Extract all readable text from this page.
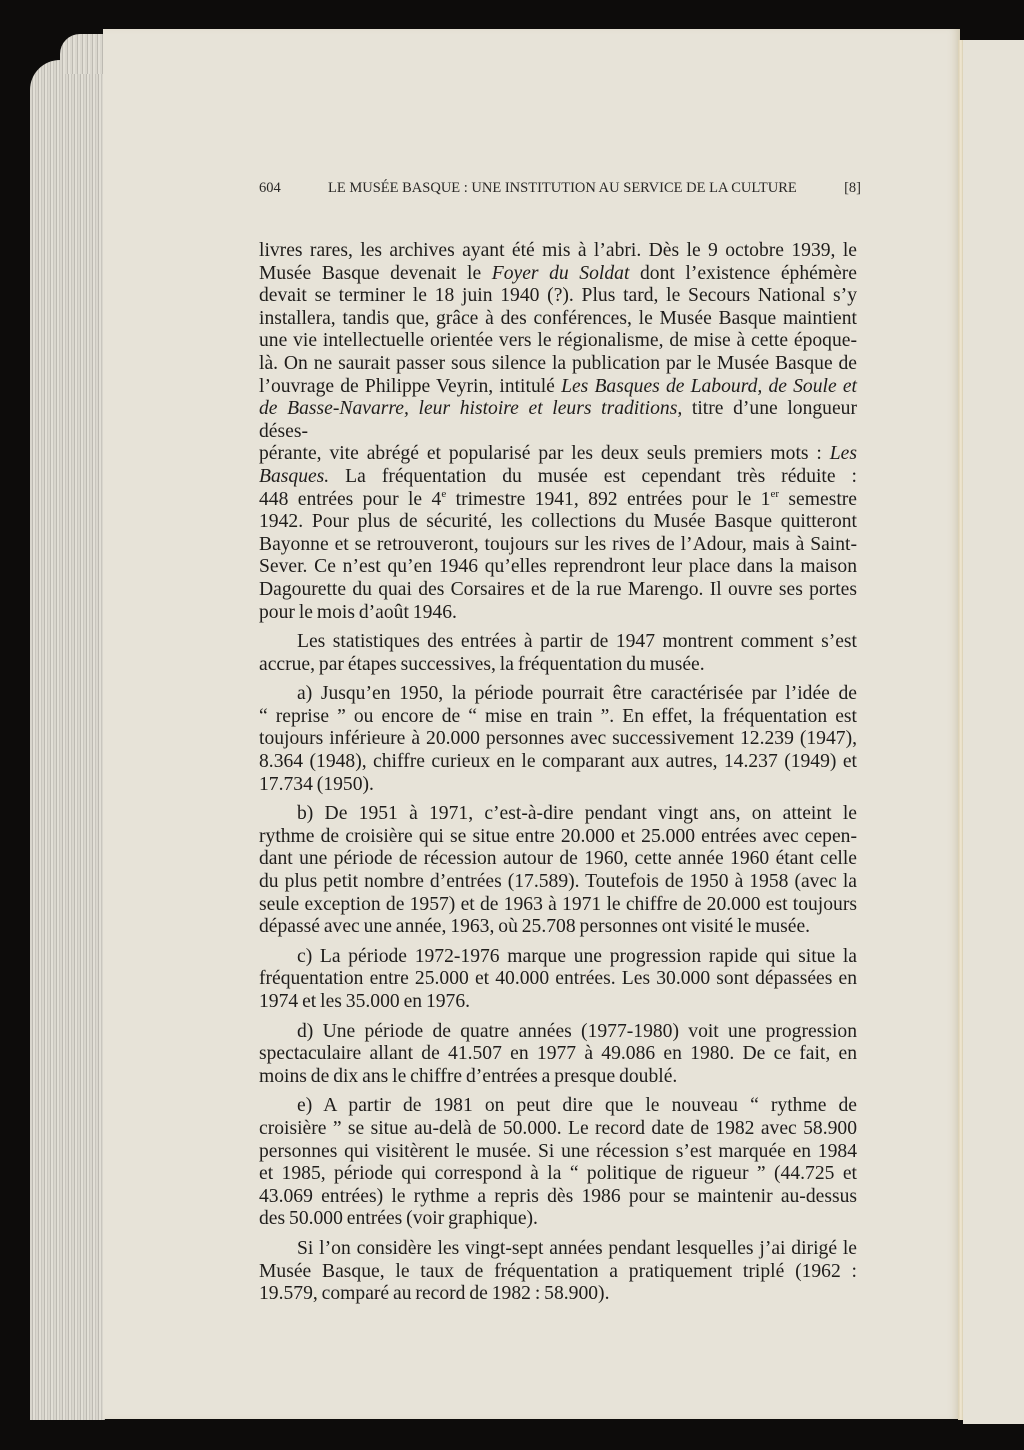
604	LE MUSÉE BASQUE : UNE INSTITUTION AU SERVICE DE LA CULTURE	[8]
livres rares, les archives ayant été mis à l’abri. Dès le 9 octobre 1939, le
Musée Basque devenait le Foyer du Soldat dont l’existence éphémère
devait se terminer le 18 juin 1940 (?). Plus tard, le Secours National s’y
installera, tandis que, grâce à des conférences, le Musée Basque maintient
une vie intellectuelle orientée vers le régionalisme, de mise à cette époque-
là. On ne saurait passer sous silence la publication par le Musée Basque de
l’ouvrage de Philippe Veyrin, intitulé Les Basques de Labourd, de Soule et
de Basse-Navarre, leur histoire et leurs traditions, titre d’une longueur déses-
pérante, vite abrégé et popularisé par les deux seuls premiers mots : Les
Basques. La fréquentation du musée est cependant très réduite :
448 entrées pour le 4e trimestre 1941, 892 entrées pour le 1er semestre
1942. Pour plus de sécurité, les collections du Musée Basque quitteront
Bayonne et se retrouveront, toujours sur les rives de l’Adour, mais à Saint-
Sever. Ce n’est qu’en 1946 qu’elles reprendront leur place dans la maison
Dagourette du quai des Corsaires et de la rue Marengo. Il ouvre ses portes
pour le mois d’août 1946.
Les statistiques des entrées à partir de 1947 montrent comment s’est
accrue, par étapes successives, la fréquentation du musée.
a) Jusqu’en 1950, la période pourrait être caractérisée par l’idée de
“ reprise ” ou encore de “ mise en train ”. En effet, la fréquentation est
toujours inférieure à 20.000 personnes avec successivement 12.239 (1947),
8.364 (1948), chiffre curieux en le comparant aux autres, 14.237 (1949) et
17.734 (1950).
b) De 1951 à 1971, c’est-à-dire pendant vingt ans, on atteint le
rythme de croisière qui se situe entre 20.000 et 25.000 entrées avec cepen-
dant une période de récession autour de 1960, cette année 1960 étant celle
du plus petit nombre d’entrées (17.589). Toutefois de 1950 à 1958 (avec la
seule exception de 1957) et de 1963 à 1971 le chiffre de 20.000 est toujours
dépassé avec une année, 1963, où 25.708 personnes ont visité le musée.
c) La période 1972-1976 marque une progression rapide qui situe la
fréquentation entre 25.000 et 40.000 entrées. Les 30.000 sont dépassées en
1974 et les 35.000 en 1976.
d) Une période de quatre années (1977-1980) voit une progression
spectaculaire allant de 41.507 en 1977 à 49.086 en 1980. De ce fait, en
moins de dix ans le chiffre d’entrées a presque doublé.
e) A partir de 1981 on peut dire que le nouveau “ rythme de
croisière ” se situe au-delà de 50.000. Le record date de 1982 avec 58.900
personnes qui visitèrent le musée. Si une récession s’est marquée en 1984
et 1985, période qui correspond à la “ politique de rigueur ” (44.725 et
43.069 entrées) le rythme a repris dès 1986 pour se maintenir au-dessus
des 50.000 entrées (voir graphique).
Si l’on considère les vingt-sept années pendant lesquelles j’ai dirigé le
Musée Basque, le taux de fréquentation a pratiquement triplé (1962 :
19.579, comparé au record de 1982 : 58.900).
